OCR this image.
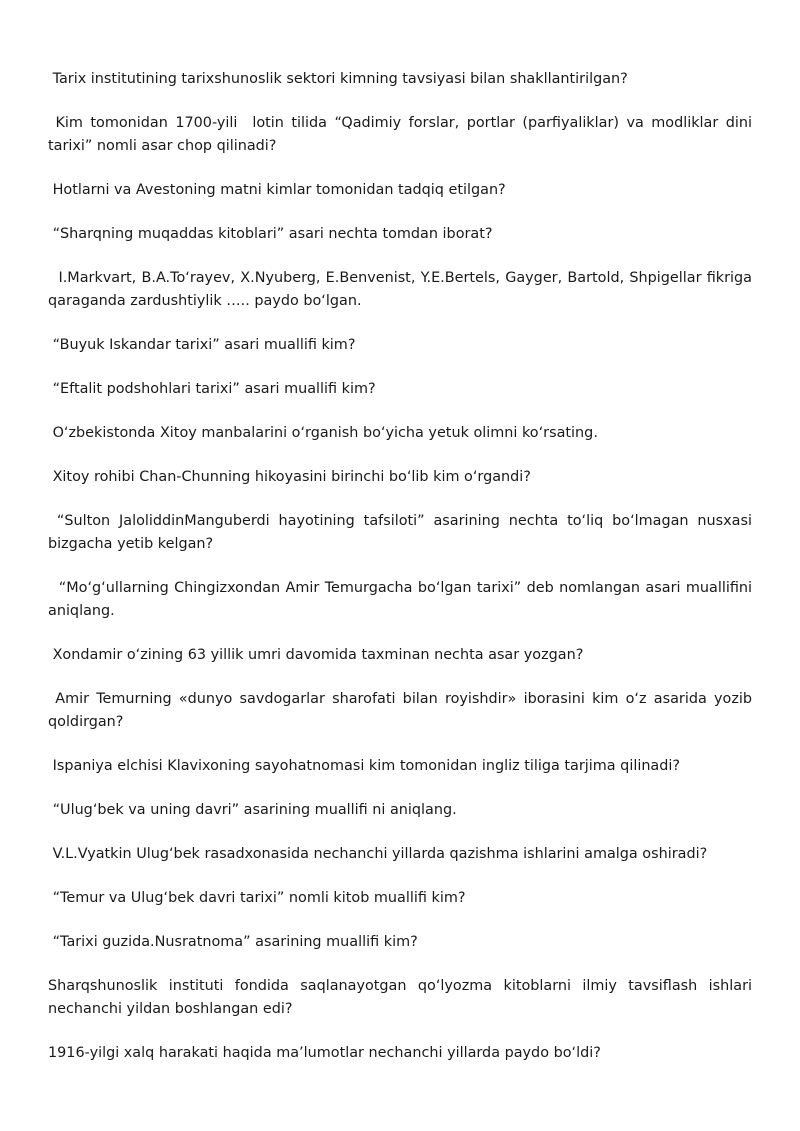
Tarix institutining tarixshunoslik sektori kimning tavsiyasi bilan shakllantirilgan?

Kim tomonidan 1700-yili  lotin tilida “Qadimiy forslar, portlar (parfiyaliklar) va modliklar dini tarixi” nomli asar chop qilinadi?

Hotlarni va Avestoning matni kimlar tomonidan tadqiq etilgan?

“Sharqning muqaddas kitoblari” asari nechta tomdan iborat?

I.Markvart, B.A.To‘rayev, X.Nyuberg, E.Benvenist, Y.E.Bertels, Gayger, Bartold, Shpigellar fikriga qaraganda zardushtiylik ….. paydo bo‘lgan.

“Buyuk Iskandar tarixi” asari muallifi kim?

“Eftalit podshohlari tarixi” asari muallifi kim?

O‘zbekistonda Xitoy manbalarini o‘rganish bo‘yicha yetuk olimni ko‘rsating.

Xitoy rohibi Chan-Chunning hikoyasini birinchi bo‘lib kim o‘rgandi?

“Sulton JaloliddinManguberdi hayotining tafsiloti” asarining nechta to‘liq bo‘lmagan nusxasi bizgacha yetib kelgan?

“Mo‘g‘ullarning Chingizxondan Amir Temurgacha bo‘lgan tarixi” deb nomlangan asari muallifini aniqlang.

Xondamir o‘zining 63 yillik umri davomida taxminan nechta asar yozgan?

Amir Temurning «dunyo savdogarlar sharofati bilan royishdir» iborasini kim o‘z asarida yozib qoldirgan?

Ispaniya elchisi Klavixoning sayohatnomasi kim tomonidan ingliz tiliga tarjima qilinadi?

“Ulug‘bek va uning davri” asarining muallifi ni aniqlang.

V.L.Vyatkin Ulug‘bek rasadxonasida nechanchi yillarda qazishma ishlarini amalga oshiradi?

“Temur va Ulug‘bek davri tarixi” nomli kitob muallifi kim?

“Tarixi guzida.Nusratnoma” asarining muallifi kim?

Sharqshunoslik instituti fondida saqlanayotgan qo‘lyozma kitoblarni ilmiy tavsiflash ishlari nechanchi yildan boshlangan edi?

1916-yilgi xalq harakati haqida ma’lumotlar nechanchi yillarda paydo bo‘ldi?
